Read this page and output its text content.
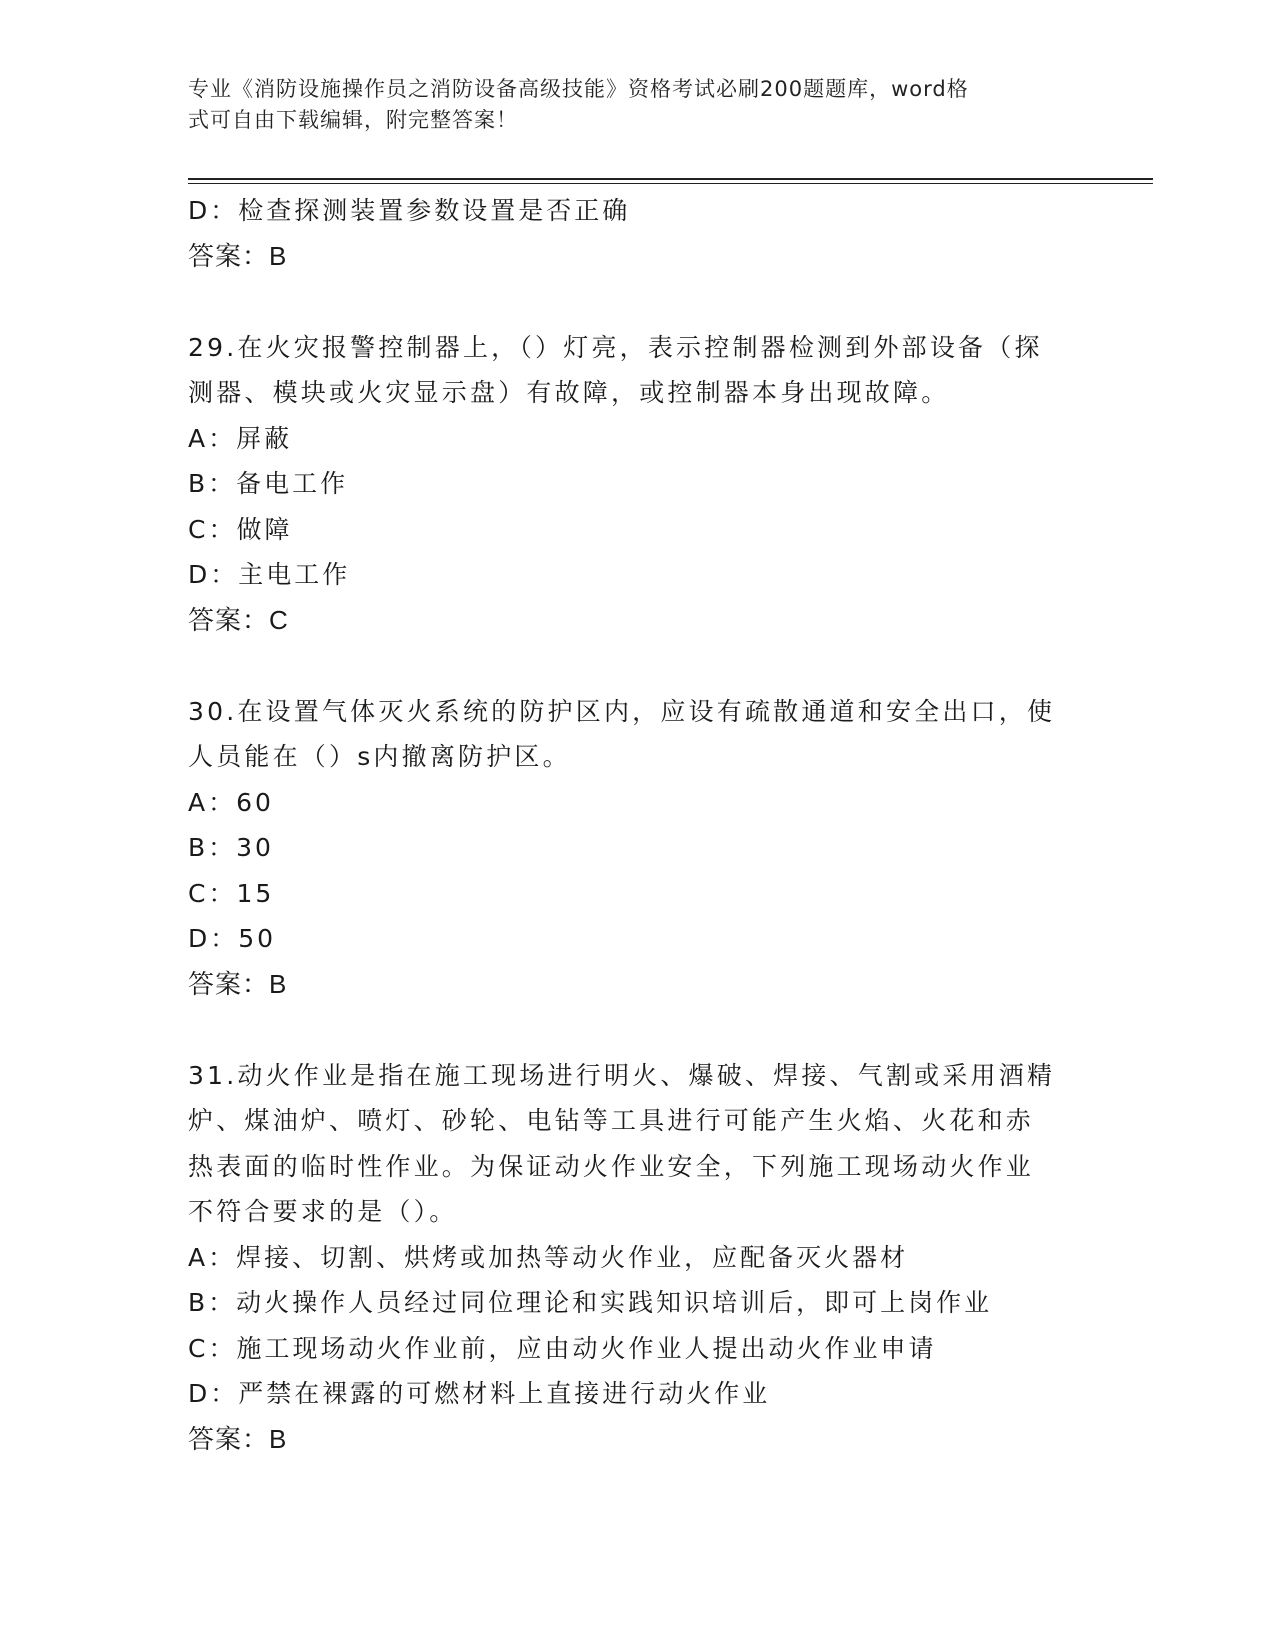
专业《消防设施操作员之消防设备高级技能》资格考试必刷200题题库，word格
式可自由下载编辑，附完整答案！
D：检查探测装置参数设置是否正确
答案：B
29.在火灾报警控制器上，（）灯亮，表示控制器检测到外部设备（探
测器、模块或火灾显示盘）有故障，或控制器本身出现故障。
A：屏蔽
B：备电工作
C：做障
D：主电工作
答案：C
30.在设置气体灭火系统的防护区内，应设有疏散通道和安全出口，使
人员能在（）s内撤离防护区。
A：60
B：30
C：15
D：50
答案：B
31.动火作业是指在施工现场进行明火、爆破、焊接、气割或采用酒精
炉、煤油炉、喷灯、砂轮、电钻等工具进行可能产生火焰、火花和赤
热表面的临时性作业。为保证动火作业安全，下列施工现场动火作业
不符合要求的是（）。
A：焊接、切割、烘烤或加热等动火作业，应配备灭火器材
B：动火操作人员经过同位理论和实践知识培训后，即可上岗作业
C：施工现场动火作业前，应由动火作业人提出动火作业申请
D：严禁在裸露的可燃材料上直接进行动火作业
答案：B
